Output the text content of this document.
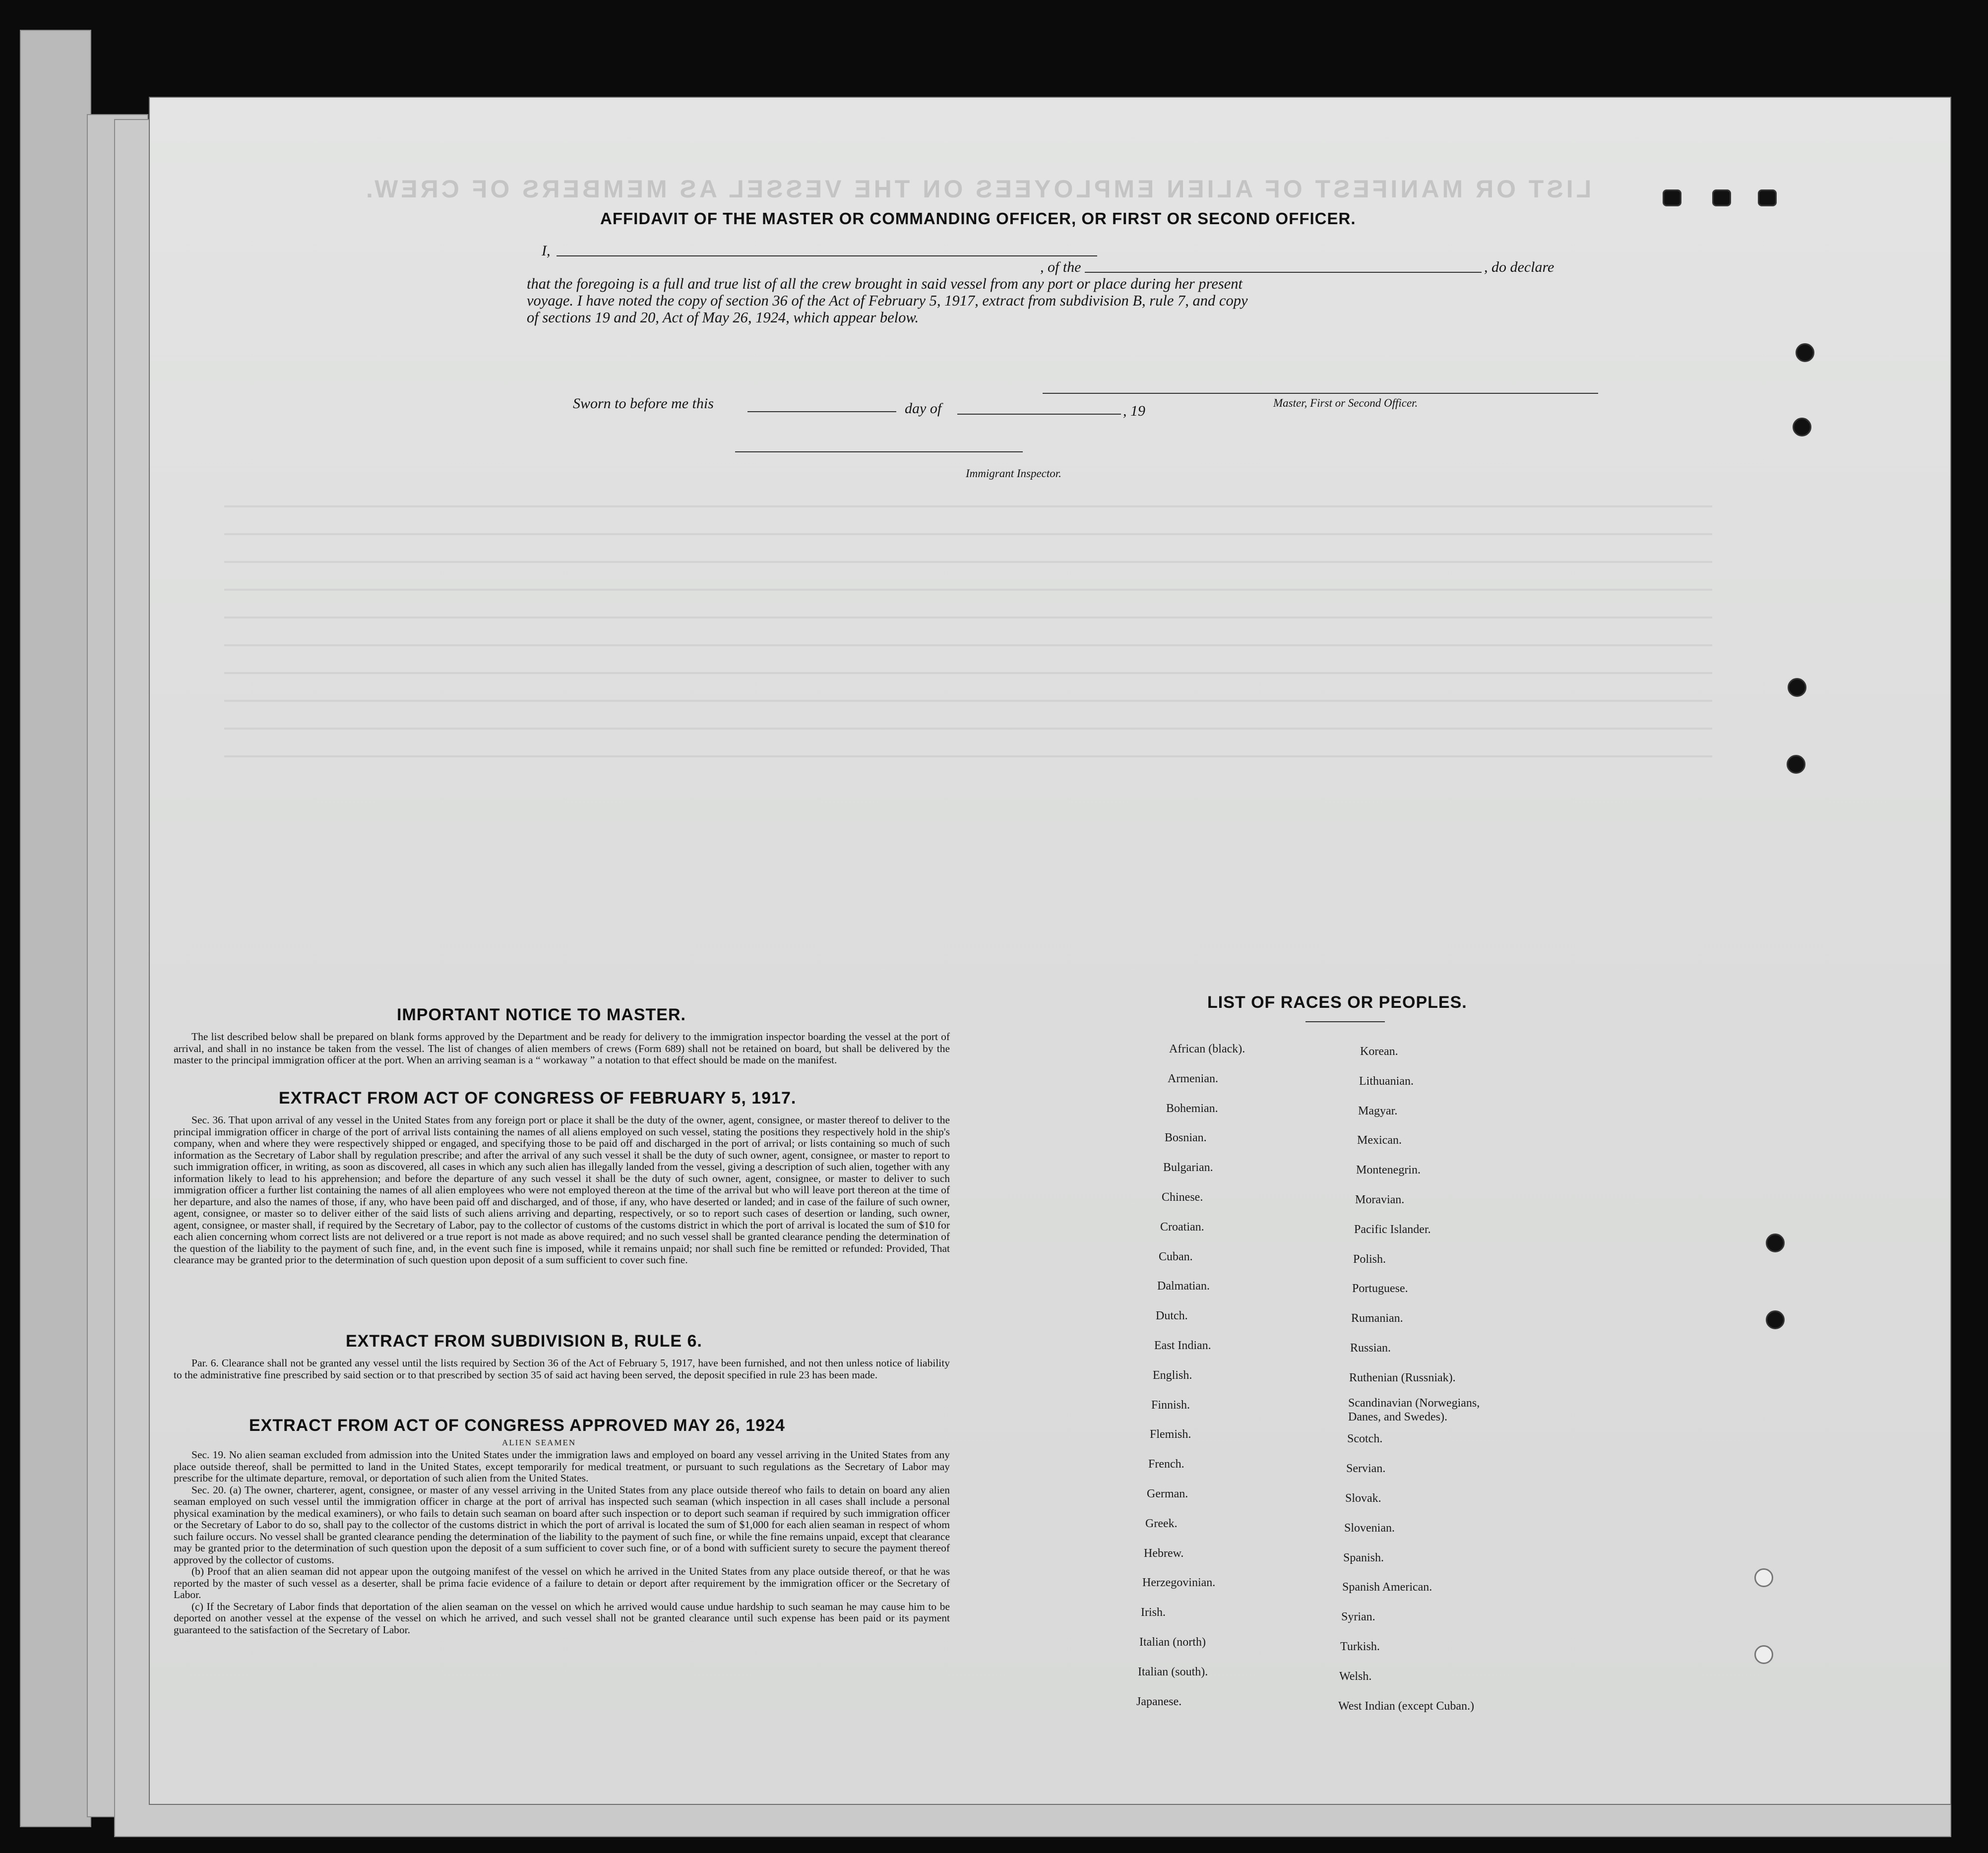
LIST OR MANIFEST OF ALIEN EMPLOYEES ON THE VESSEL AS MEMBERS OF CREW.
AFFIDAVIT OF THE MASTER OR COMMANDING OFFICER, OR FIRST OR SECOND OFFICER.
I,
, of the	, do declare
that the foregoing is a full and true list of all the crew brought in said vessel from any port or place during her present
voyage. I have noted the copy of section 36 of the Act of February 5, 1917, extract from subdivision B, rule 7, and copy
of sections 19 and 20, Act of May 26, 1924, which appear below.
Master, First or Second Officer.
Sworn to before me this	day of	, 19
Immigrant Inspector.
IMPORTANT NOTICE TO MASTER.

The list described below shall be prepared on blank forms approved by the Department and be ready for delivery to the immigration inspector boarding the vessel at the port of arrival, and shall in no instance be taken from the vessel. The list of changes of alien members of crews (Form 689) shall not be retained on board, but shall be delivered by the master to the principal immigration officer at the port. When an arriving seaman is a “ workaway ” a notation to that effect should be made on the manifest.

EXTRACT FROM ACT OF CONGRESS OF FEBRUARY 5, 1917.

Sec. 36. That upon arrival of any vessel in the United States from any foreign port or place it shall be the duty of the owner, agent, consignee, or master thereof to deliver to the principal immigration officer in charge of the port of arrival lists containing the names of all aliens employed on such vessel, stating the positions they respectively hold in the ship's company, when and where they were respectively shipped or engaged, and specifying those to be paid off and discharged in the port of arrival; or lists containing so much of such information as the Secretary of Labor shall by regulation prescribe; and after the arrival of any such vessel it shall be the duty of such owner, agent, consignee, or master to report to such immigration officer, in writing, as soon as discovered, all cases in which any such alien has illegally landed from the vessel, giving a description of such alien, together with any information likely to lead to his apprehension; and before the departure of any such vessel it shall be the duty of such owner, agent, consignee, or master to deliver to such immigration officer a further list containing the names of all alien employees who were not employed thereon at the time of the arrival but who will leave port thereon at the time of her departure, and also the names of those, if any, who have been paid off and discharged, and of those, if any, who have deserted or landed; and in case of the failure of such owner, agent, consignee, or master so to deliver either of the said lists of such aliens arriving and departing, respectively, or so to report such cases of desertion or landing, such owner, agent, consignee, or master shall, if required by the Secretary of Labor, pay to the collector of customs of the customs district in which the port of arrival is located the sum of $10 for each alien concerning whom correct lists are not delivered or a true report is not made as above required; and no such vessel shall be granted clearance pending the determination of the question of the liability to the payment of such fine, and, in the event such fine is imposed, while it remains unpaid; nor shall such fine be remitted or refunded: Provided, That clearance may be granted prior to the determination of such question upon deposit of a sum sufficient to cover such fine.

EXTRACT FROM SUBDIVISION B, RULE 6.

Par. 6. Clearance shall not be granted any vessel until the lists required by Section 36 of the Act of February 5, 1917, have been furnished, and not then unless notice of liability to the administrative fine prescribed by said section or to that prescribed by section 35 of said act having been served, the deposit specified in rule 23 has been made.

EXTRACT FROM ACT OF CONGRESS APPROVED MAY 26, 1924
ALIEN SEAMEN

Sec. 19. No alien seaman excluded from admission into the United States under the immigration laws and employed on board any vessel arriving in the United States from any place outside thereof, shall be permitted to land in the United States, except temporarily for medical treatment, or pursuant to such regulations as the Secretary of Labor may prescribe for the ultimate departure, removal, or deportation of such alien from the United States.

Sec. 20. (a) The owner, charterer, agent, consignee, or master of any vessel arriving in the United States from any place outside thereof who fails to detain on board any alien seaman employed on such vessel until the immigration officer in charge at the port of arrival has inspected such seaman (which inspection in all cases shall include a personal physical examination by the medical examiners), or who fails to detain such seaman on board after such inspection or to deport such seaman if required by such immigration officer or the Secretary of Labor to do so, shall pay to the collector of the customs district in which the port of arrival is located the sum of $1,000 for each alien seaman in respect of whom such failure occurs. No vessel shall be granted clearance pending the determination of the liability to the payment of such fine, or while the fine remains unpaid, except that clearance may be granted prior to the determination of such question upon the deposit of a sum sufficient to cover such fine, or of a bond with sufficient surety to secure the payment thereof approved by the collector of customs.

(b) Proof that an alien seaman did not appear upon the outgoing manifest of the vessel on which he arrived in the United States from any place outside thereof, or that he was reported by the master of such vessel as a deserter, shall be prima facie evidence of a failure to detain or deport after requirement by the immigration officer or the Secretary of Labor.

(c) If the Secretary of Labor finds that deportation of the alien seaman on the vessel on which he arrived would cause undue hardship to such seaman he may cause him to be deported on another vessel at the expense of the vessel on which he arrived, and such vessel shall not be granted clearance until such expense has been paid or its payment guaranteed to the satisfaction of the Secretary of Labor.

LIST OF RACES OR PEOPLES.
African (black).
Armenian.
Bohemian.
Bosnian.
Bulgarian.
Chinese.
Croatian.
Cuban.
Dalmatian.
Dutch.
East Indian.
English.
Finnish.
Flemish.
French.
German.
Greek.
Hebrew.
Herzegovinian.
Irish.
Italian (north)
Italian (south).
Japanese.
Korean.
Lithuanian.
Magyar.
Mexican.
Montenegrin.
Moravian.
Pacific Islander.
Polish.
Portuguese.
Rumanian.
Russian.
Ruthenian (Russniak).
Scandinavian (Norwegians, Danes, and Swedes).
Scotch.
Servian.
Slovak.
Slovenian.
Spanish.
Spanish American.
Syrian.
Turkish.
Welsh.
West Indian (except Cuban.)
